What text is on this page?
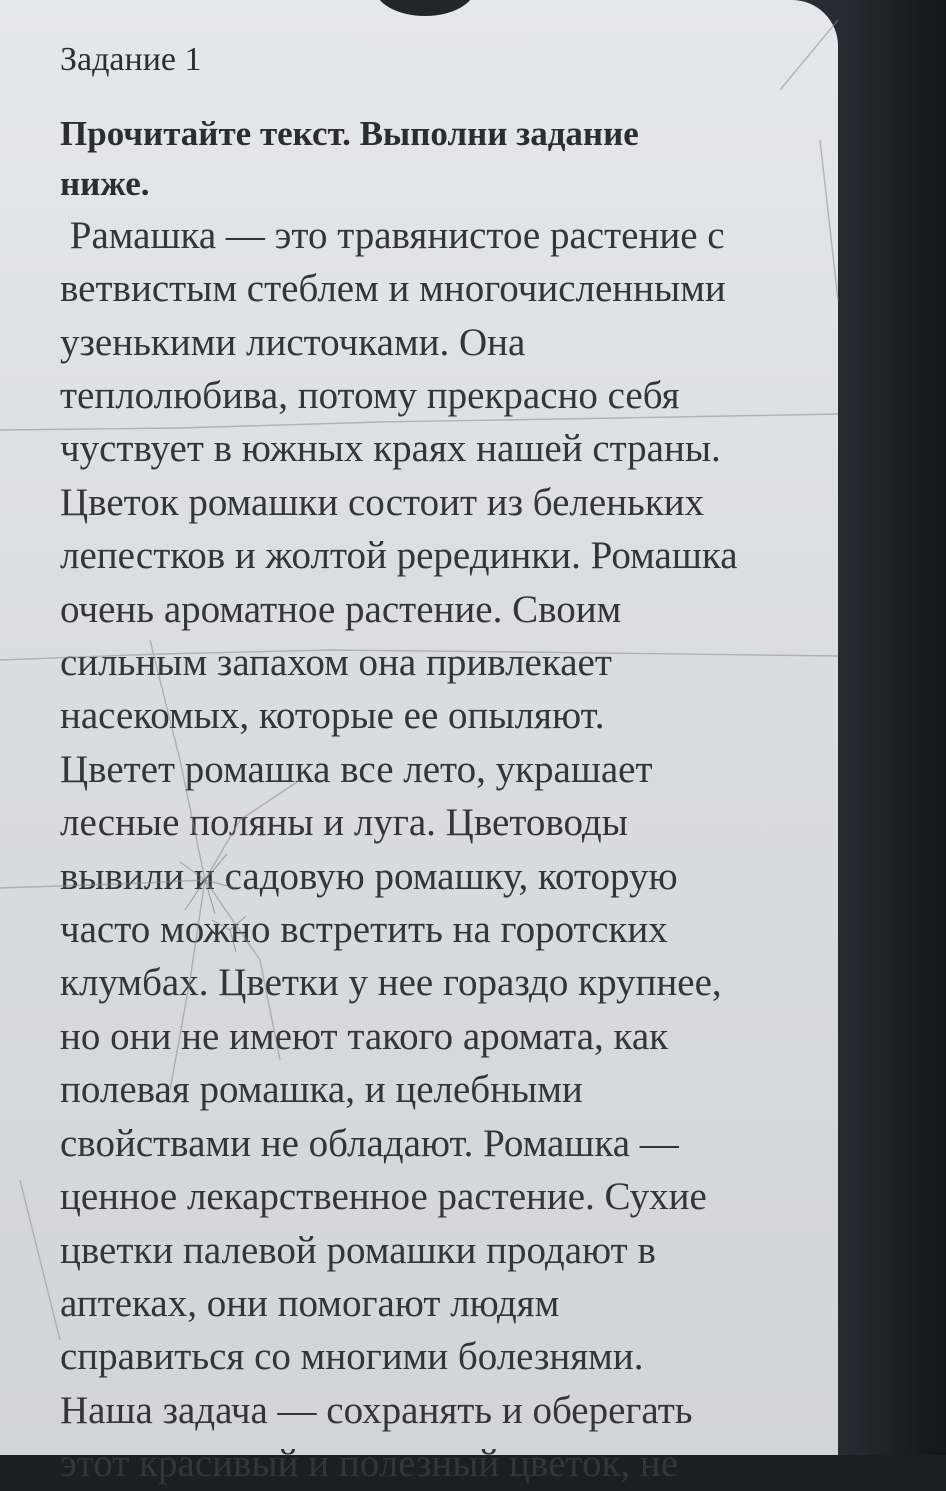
Задание 1
Прочитайте текст. Выполни задание
ниже.
Рамашка — это травянистое растение с
ветвистым стеблем и многочисленными
узенькими листочками. Она
теплолюбива, потому прекрасно себя
чуствует в южных краях нашей страны.
Цветок ромашки состоит из беленьких
лепестков и жолтой рерединки. Ромашка
очень ароматное растение. Своим
сильным запахом она привлекает
насекомых, которые ее опыляют.
Цветет ромашка все лето, украшает
лесные поляны и луга. Цветоводы
вывили и садовую ромашку, которую
часто можно встретить на горотских
клумбах. Цветки у нее гораздо крупнее,
но они не имеют такого аромата, как
полевая ромашка, и целебными
свойствами не обладают. Ромашка —
ценное лекарственное растение. Сухие
цветки палевой ромашки продают в
аптеках, они помогают людям
справиться со многими болезнями.
Наша задача — сохранять и оберегать
этот красивый и полезный цветок, не
